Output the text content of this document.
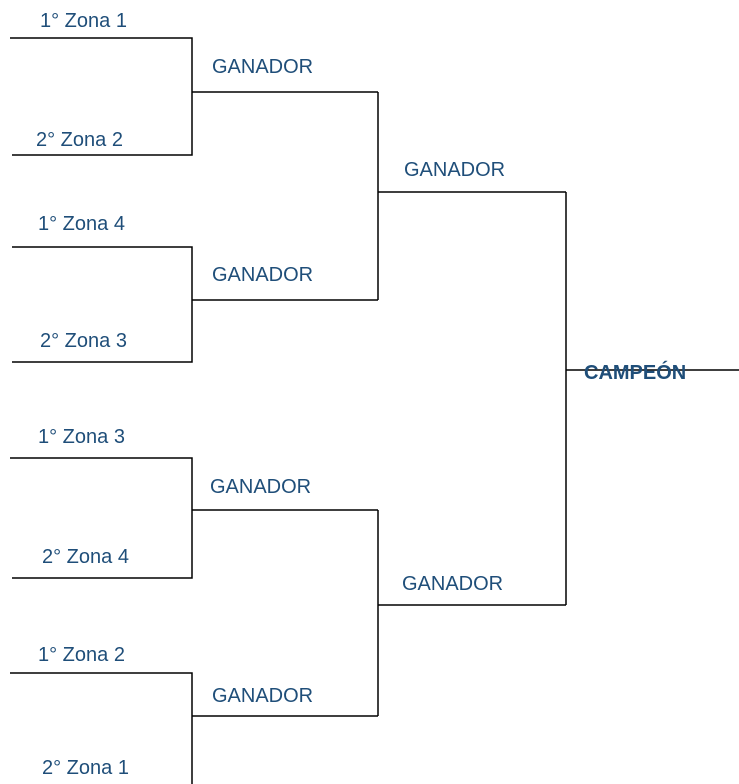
1° Zona 1
2° Zona 2
1° Zona 4
2° Zona 3
1° Zona 3
2° Zona 4
1° Zona 2
2° Zona 1
GANADOR
GANADOR
GANADOR
GANADOR
GANADOR
GANADOR
CAMPEÓN
